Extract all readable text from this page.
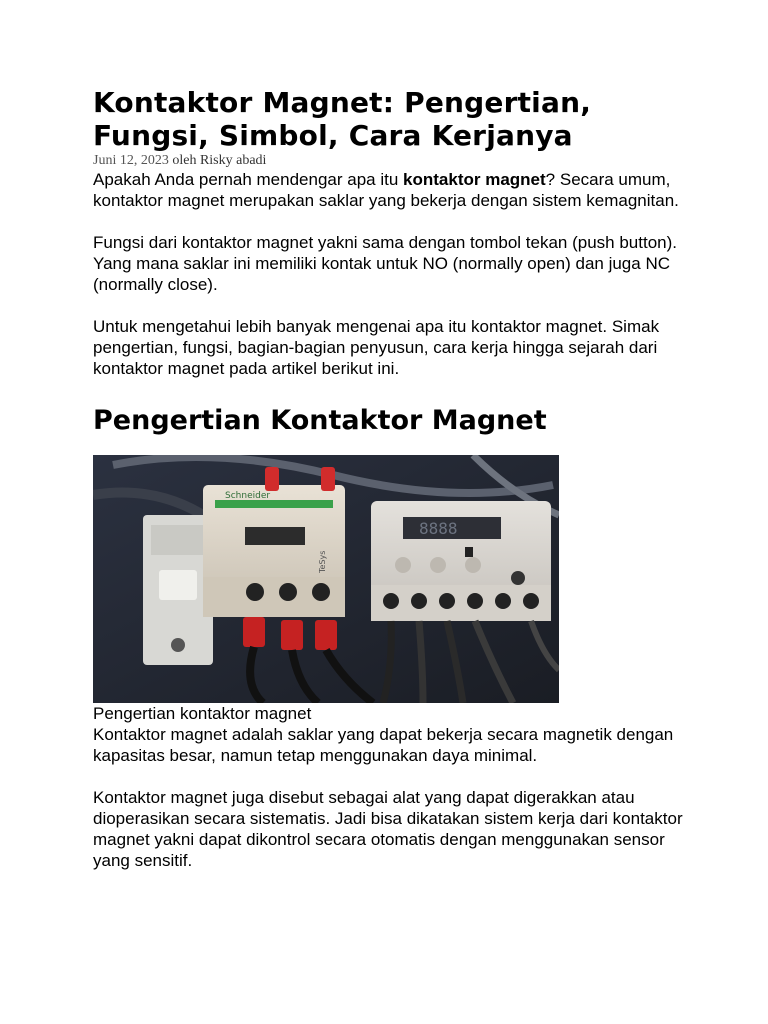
Kontaktor Magnet: Pengertian, Fungsi, Simbol, Cara Kerjanya
Juni 12, 2023 oleh Risky abadi

Apakah Anda pernah mendengar apa itu kontaktor magnet? Secara umum, kontaktor magnet merupakan saklar yang bekerja dengan sistem kemagnitan.

Fungsi dari kontaktor magnet yakni sama dengan tombol tekan (push button). Yang mana saklar ini memiliki kontak untuk NO (normally open) dan juga NC (normally close).

Untuk mengetahui lebih banyak mengenai apa itu kontaktor magnet. Simak pengertian, fungsi, bagian-bagian penyusun, cara kerja hingga sejarah dari kontaktor magnet pada artikel berikut ini.

Pengertian Kontaktor Magnet
Schneider
TeSys
8888
Pengertian kontaktor magnet

Kontaktor magnet adalah saklar yang dapat bekerja secara magnetik dengan kapasitas besar, namun tetap menggunakan daya minimal.

Kontaktor magnet juga disebut sebagai alat yang dapat digerakkan atau dioperasikan secara sistematis. Jadi bisa dikatakan sistem kerja dari kontaktor magnet yakni dapat dikontrol secara otomatis dengan menggunakan sensor yang sensitif.
